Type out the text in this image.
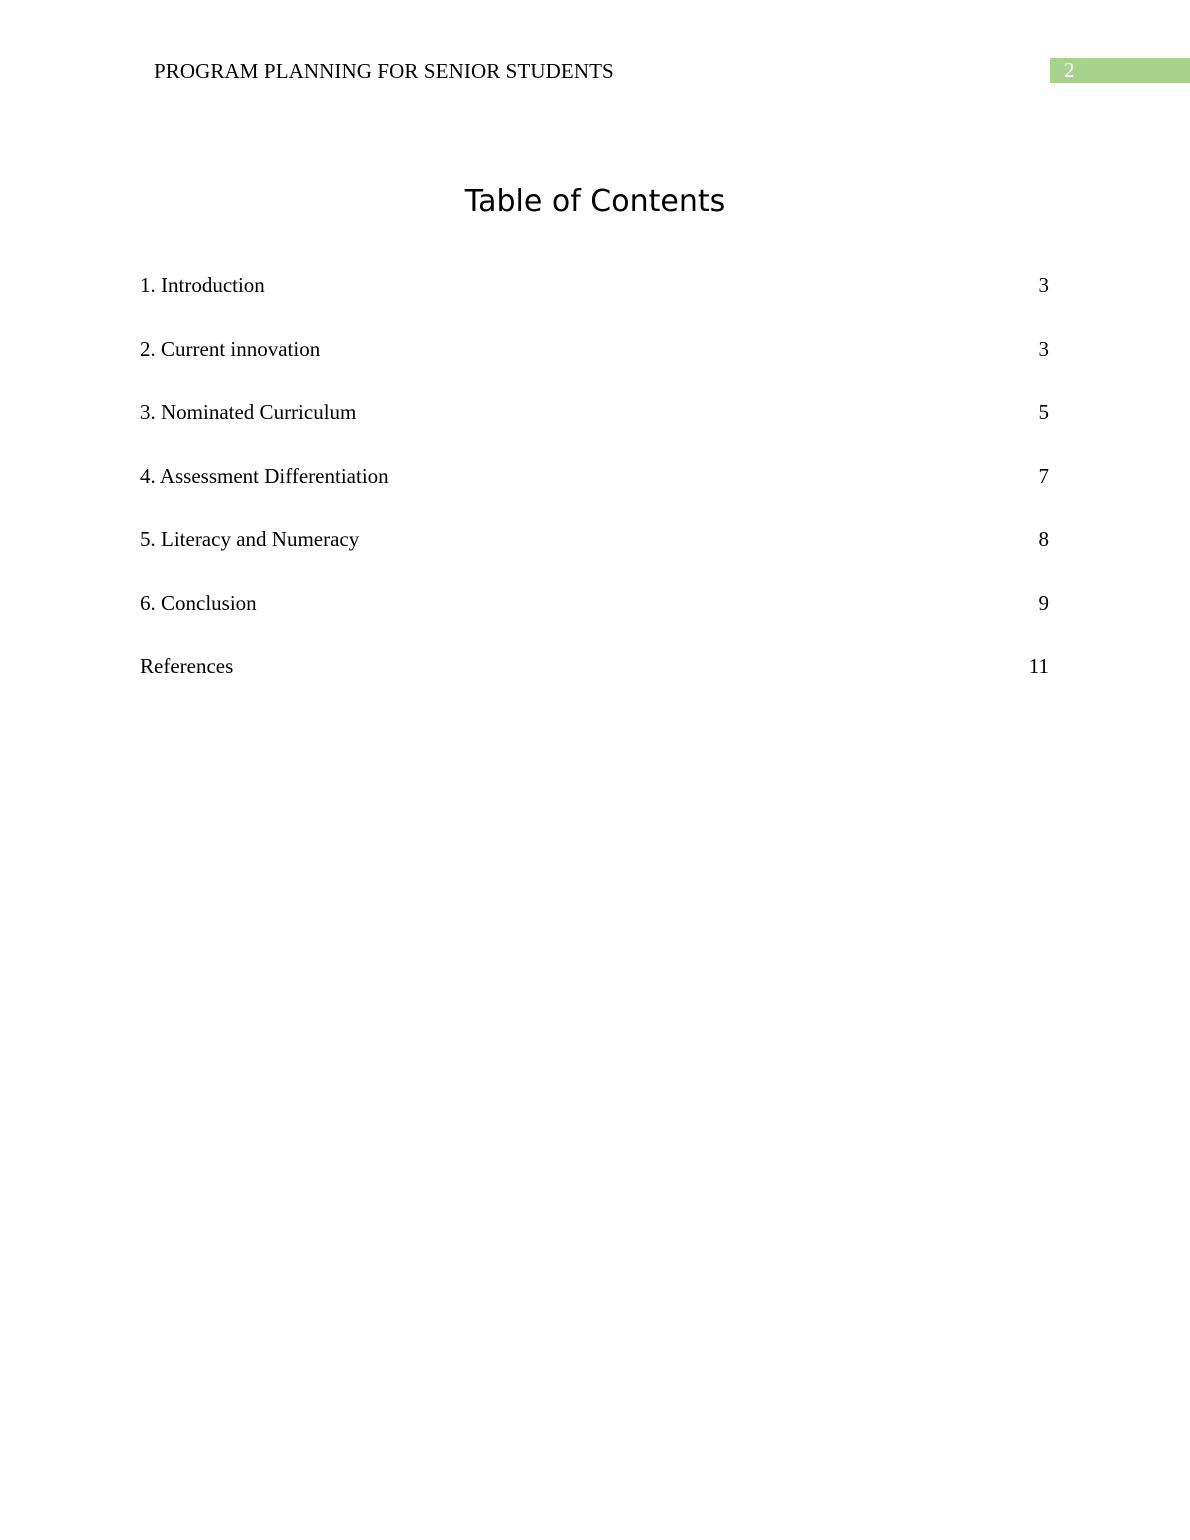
PROGRAM PLANNING FOR SENIOR STUDENTS	2
Table of Contents
1. Introduction	3
2. Current innovation	3
3. Nominated Curriculum	5
4. Assessment Differentiation	7
5. Literacy and Numeracy	8
6. Conclusion	9
References	11
